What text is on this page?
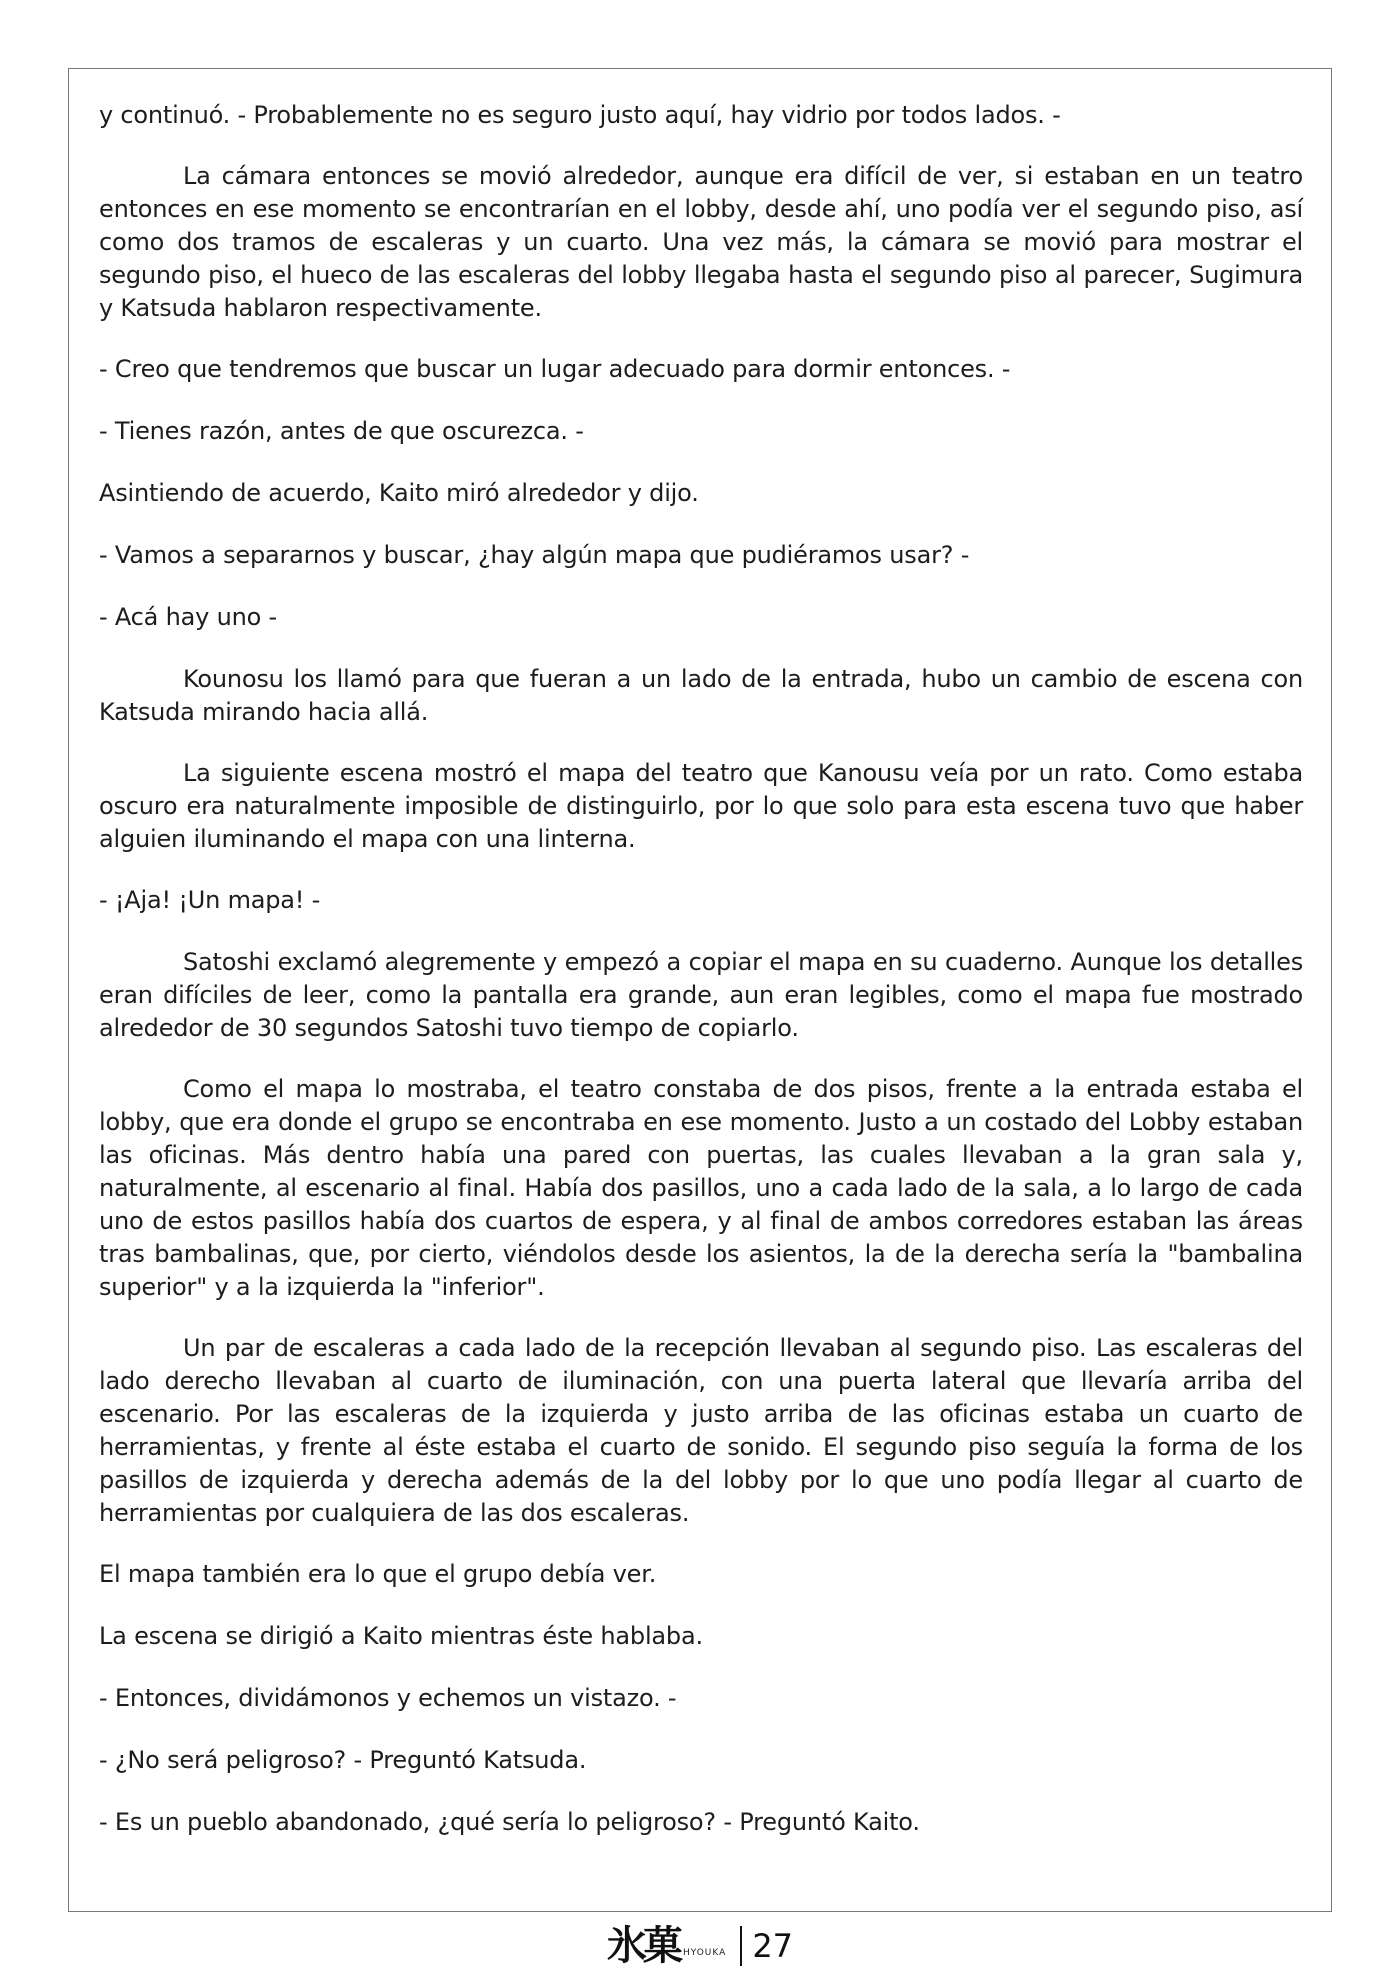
y continuó. - Probablemente no es seguro justo aquí, hay vidrio por todos lados. -

La cámara entonces se movió alrededor, aunque era difícil de ver, si estaban en un teatro entonces en ese momento se encontrarían en el lobby, desde ahí, uno podía ver el segundo piso, así como dos tramos de escaleras y un cuarto. Una vez más, la cámara se movió para mostrar el segundo piso, el hueco de las escaleras del lobby llegaba hasta el segundo piso al parecer, Sugimura y Katsuda hablaron respectivamente.

- Creo que tendremos que buscar un lugar adecuado para dormir entonces. -

- Tienes razón, antes de que oscurezca. -

Asintiendo de acuerdo, Kaito miró alrededor y dijo.

- Vamos a separarnos y buscar, ¿hay algún mapa que pudiéramos usar? -

- Acá hay uno -

Kounosu los llamó para que fueran a un lado de la entrada, hubo un cambio de escena con Katsuda mirando hacia allá.

La siguiente escena mostró el mapa del teatro que Kanousu veía por un rato. Como estaba oscuro era naturalmente imposible de distinguirlo, por lo que solo para esta escena tuvo que haber alguien iluminando el mapa con una linterna.

- ¡Aja! ¡Un mapa! -

Satoshi exclamó alegremente y empezó a copiar el mapa en su cuaderno. Aunque los detalles eran difíciles de leer, como la pantalla era grande, aun eran legibles, como el mapa fue mostrado alrededor de 30 segundos Satoshi tuvo tiempo de copiarlo.

Como el mapa lo mostraba, el teatro constaba de dos pisos, frente a la entrada estaba el lobby, que era donde el grupo se encontraba en ese momento. Justo a un costado del Lobby estaban las oficinas. Más dentro había una pared con puertas, las cuales llevaban a la gran sala y, naturalmente, al escenario al final. Había dos pasillos, uno a cada lado de la sala, a lo largo de cada uno de estos pasillos había dos cuartos de espera, y al final de ambos corredores estaban las áreas tras bambalinas, que, por cierto, viéndolos desde los asientos, la de la derecha sería la "bambalina superior" y a la izquierda la "inferior".

Un par de escaleras a cada lado de la recepción llevaban al segundo piso. Las escaleras del lado derecho llevaban al cuarto de iluminación, con una puerta lateral que llevaría arriba del escenario. Por las escaleras de la izquierda y justo arriba de las oficinas estaba un cuarto de herramientas, y frente al éste estaba el cuarto de sonido. El segundo piso seguía la forma de los pasillos de izquierda y derecha además de la del lobby por lo que uno podía llegar al cuarto de herramientas por cualquiera de las dos escaleras.

El mapa también era lo que el grupo debía ver.

La escena se dirigió a Kaito mientras éste hablaba.

- Entonces, dividámonos y echemos un vistazo. -

- ¿No será peligroso? - Preguntó Katsuda.

- Es un pueblo abandonado, ¿qué sería lo peligroso? - Preguntó Kaito.

氷菓 HYOUKA 27
